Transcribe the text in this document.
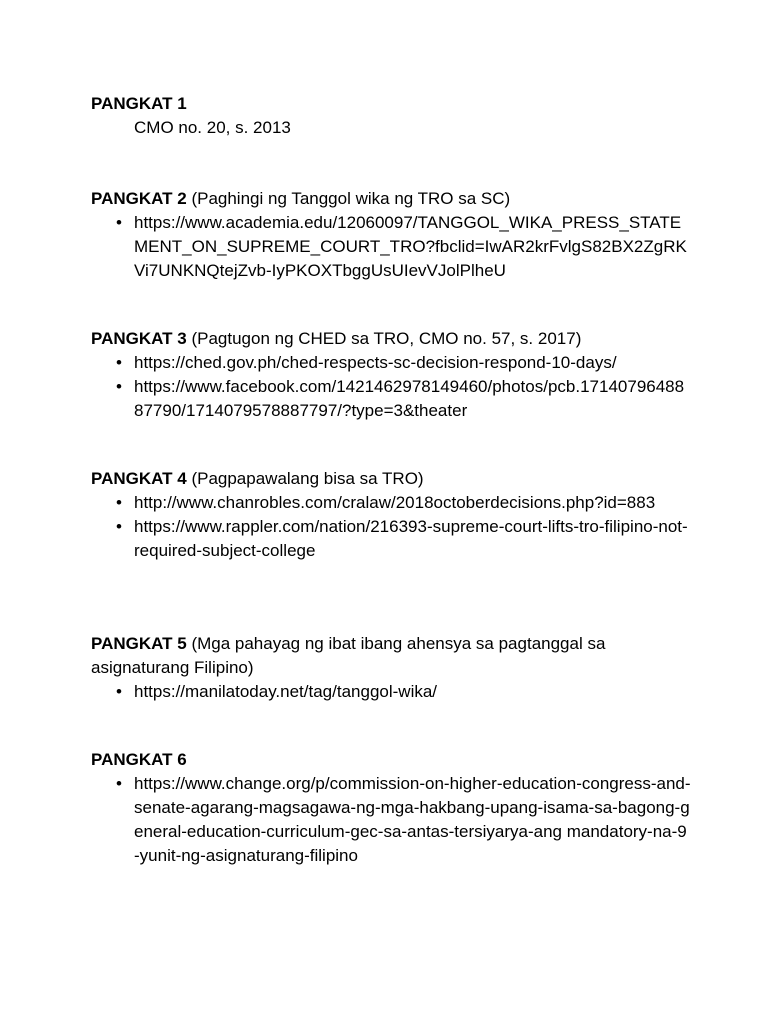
PANGKAT 1

CMO no. 20, s. 2013

PANGKAT 2 (Paghingi ng Tanggol wika ng TRO sa SC)

•
https://www.academia.edu/12060097/TANGGOL_WIKA_PRESS_STATEMENT_ON_SUPREME_COURT_TRO?fbclid=IwAR2krFvlgS82BX2ZgRKVi7UNKNQtejZvb-IyPKOXTbggUsUIevVJolPlheU

PANGKAT 3 (Pagtugon ng CHED sa TRO, CMO no. 57, s. 2017)

•
https://ched.gov.ph/ched-respects-sc-decision-respond-10-days/
•
https://www.facebook.com/1421462978149460/photos/pcb.1714079648887790/1714079578887797/?type=3&theater

PANGKAT 4 (Pagpapawalang bisa sa TRO)

•
http://www.chanrobles.com/cralaw/2018octoberdecisions.php?id=883
•
https://www.rappler.com/nation/216393-supreme-court-lifts-tro-filipino-not-required-subject-college

PANGKAT 5 (Mga pahayag ng ibat ibang ahensya sa pagtanggal sa asignaturang Filipino)

•
https://manilatoday.net/tag/tanggol-wika/

PANGKAT 6

•
https://www.change.org/p/commission-on-higher-education-congress-and-senate-agarang-magsagawa-ng-mga-hakbang-upang-isama-sa-bagong-general-education-curriculum-gec-sa-antas-tersiyarya-ang mandatory-na-9-yunit-ng-asignaturang-filipino
